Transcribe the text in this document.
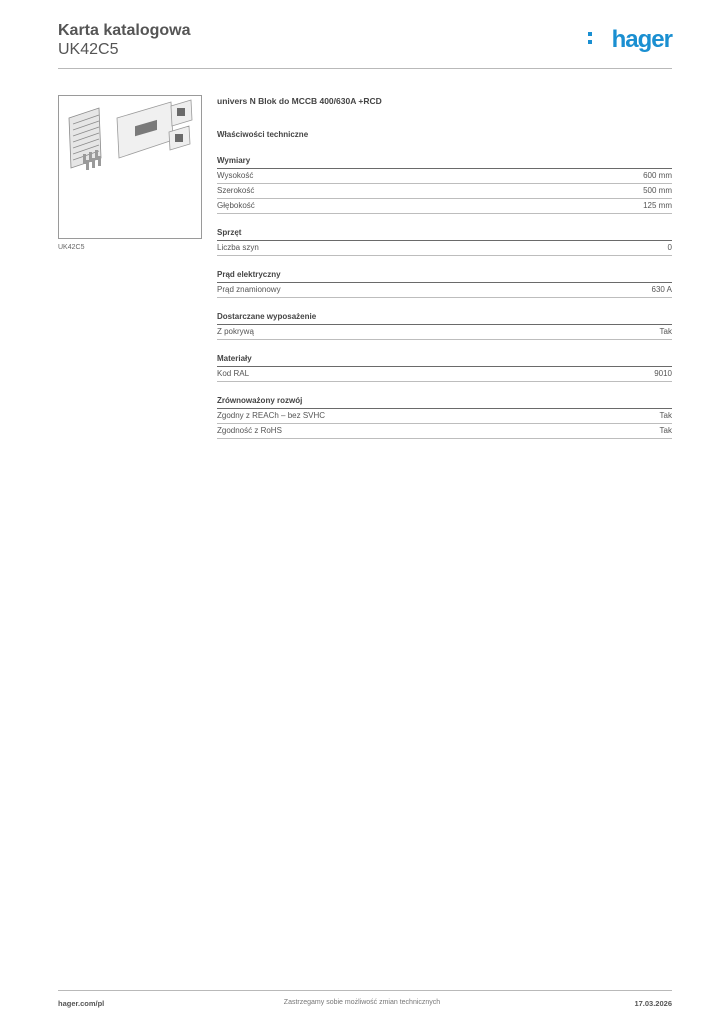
Karta katalogowa
UK42C5	hager
UK42C5
univers N Blok do MCCB 400/630A +RCD
Właściwości techniczne
Wymiary
Wysokość	600 mm
Szerokość	500 mm
Głębokość	125 mm
Sprzęt
Liczba szyn	0
Prąd elektryczny
Prąd znamionowy	630 A
Dostarczane wyposażenie
Z pokrywą	Tak
Materiały
Kod RAL	9010
Zrównoważony rozwój
Zgodny z REACh – bez SVHC	Tak
Zgodność z RoHS	Tak
hager.com/pl	Zastrzegamy sobie możliwość zmian technicznych	17.03.2026
